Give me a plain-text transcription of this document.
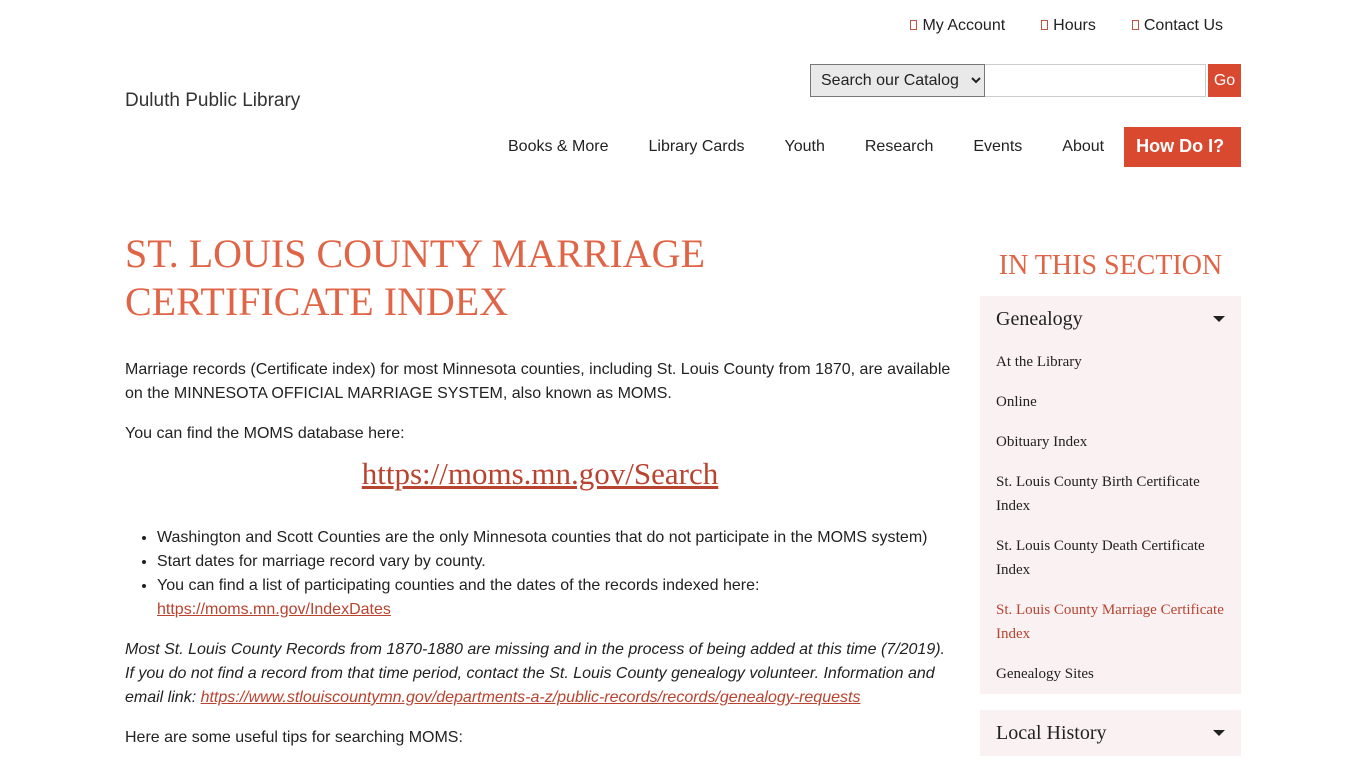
My Account	Hours	Contact Us
Duluth Public Library
Search our Catalog
Go
Books & More	Library Cards	Youth	Research	Events	About	How Do I?
ST. LOUIS COUNTY MARRIAGE CERTIFICATE INDEX

Marriage records (Certificate index) for most Minnesota counties, including St. Louis County from 1870, are available on the MINNESOTA OFFICIAL MARRIAGE SYSTEM, also known as MOMS.

You can find the MOMS database here:

https://moms.mn.gov/Search
• Washington and Scott Counties are the only Minnesota counties that do not participate in the MOMS system)
• Start dates for marriage record vary by county.
• You can find a list of participating counties and the dates of the records indexed here:
https://moms.mn.gov/IndexDates

Most St. Louis County Records from 1870-1880 are missing and in the process of being added at this time (7/2019). If you do not find a record from that time period, contact the St. Louis County genealogy volunteer. Information and email link: https://www.stlouiscountymn.gov/departments-a-z/public-records/records/genealogy-requests

Here are some useful tips for searching MOMS:

IN THIS SECTION
Genealogy
At the Library
Online
Obituary Index
St. Louis County Birth Certificate Index
St. Louis County Death Certificate Index
St. Louis County Marriage Certificate Index
Genealogy Sites
Local History
